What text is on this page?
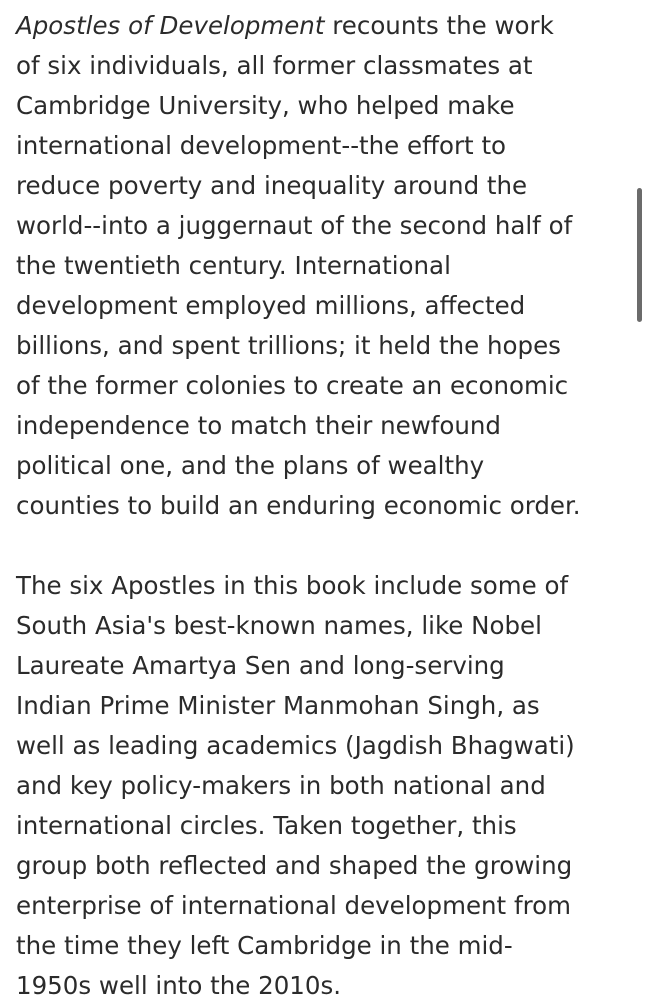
Apostles of Development recounts the work
of six individuals, all former classmates at
Cambridge University, who helped make
international development--the effort to
reduce poverty and inequality around the
world--into a juggernaut of the second half of
the twentieth century. International
development employed millions, affected
billions, and spent trillions; it held the hopes
of the former colonies to create an economic
independence to match their newfound
political one, and the plans of wealthy
counties to build an enduring economic order.

The six Apostles in this book include some of
South Asia's best-known names, like Nobel
Laureate Amartya Sen and long-serving
Indian Prime Minister Manmohan Singh, as
well as leading academics (Jagdish Bhagwati)
and key policy-makers in both national and
international circles. Taken together, this
group both reflected and shaped the growing
enterprise of international development from
the time they left Cambridge in the mid-
1950s well into the 2010s.
